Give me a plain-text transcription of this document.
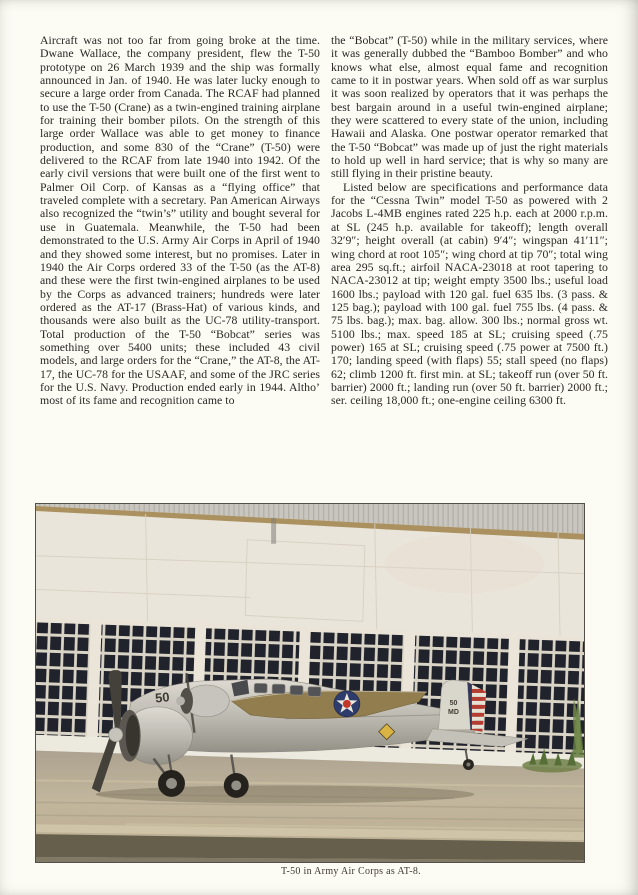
Aircraft was not too far from going broke at the time. Dwane Wallace, the company president, flew the T-50 prototype on 26 March 1939 and the ship was formally announced in Jan. of 1940. He was later lucky enough to secure a large order from Canada. The RCAF had planned to use the T-50 (Crane) as a twin-engined training airplane for training their bomber pilots. On the strength of this large order Wallace was able to get money to finance production, and some 830 of the “Crane” (T-50) were delivered to the RCAF from late 1940 into 1942. Of the early civil versions that were built one of the first went to Palmer Oil Corp. of Kansas as a “flying office” that traveled complete with a secretary. Pan American Airways also recognized the “twin’s” utility and bought several for use in Guatemala. Meanwhile, the T-50 had been demonstrated to the U.S. Army Air Corps in April of 1940 and they showed some interest, but no promises. Later in 1940 the Air Corps ordered 33 of the T-50 (as the AT-8) and these were the first twin-engined airplanes to be used by the Corps as advanced trainers; hundreds were later ordered as the AT-17 (Brass-Hat) of various kinds, and thousands were also built as the UC-78 utility-transport. Total production of the T-50 “Bobcat” series was something over 5400 units; these included 43 civil models, and large orders for the “Crane,” the AT-8, the AT-17, the UC-78 for the USAAF, and some of the JRC series for the U.S. Navy. Production ended early in 1944. Altho’ most of its fame and recognition came to

the “Bobcat” (T-50) while in the military services, where it was generally dubbed the “Bamboo Bomber” and who knows what else, almost equal fame and recognition came to it in postwar years. When sold off as war surplus it was soon realized by operators that it was perhaps the best bargain around in a useful twin-engined airplane; they were scattered to every state of the union, including Hawaii and Alaska. One postwar operator remarked that the T-50 “Bobcat” was made up of just the right materials to hold up well in hard service; that is why so many are still flying in their pristine beauty.

Listed below are specifications and performance data for the “Cessna Twin” model T-50 as powered with 2 Jacobs L-4MB engines rated 225 h.p. each at 2000 r.p.m. at SL (245 h.p. available for takeoff); length overall 32′9″; height overall (at cabin) 9′4″; wingspan 41′11″; wing chord at root 105″; wing chord at tip 70″; total wing area 295 sq.ft.; airfoil NACA-23018 at root tapering to NACA-23012 at tip; weight empty 3500 lbs.; useful load 1600 lbs.; payload with 120 gal. fuel 635 lbs. (3 pass. & 125 bag.); payload with 100 gal. fuel 755 lbs. (4 pass. & 75 lbs. bag.); max. bag. allow. 300 lbs.; normal gross wt. 5100 lbs.; max. speed 185 at SL; cruising speed (.75 power) 165 at SL; cruising speed (.75 power at 7500 ft.) 170; landing speed (with flaps) 55; stall speed (no flaps) 62; climb 1200 ft. first min. at SL; takeoff run (over 50 ft. barrier) 2000 ft.; landing run (over 50 ft. barrier) 2000 ft.; ser. ceiling 18,000 ft.; one-engine ceiling 6300 ft.

50	50
MD
T-50 in Army Air Corps as AT-8.
